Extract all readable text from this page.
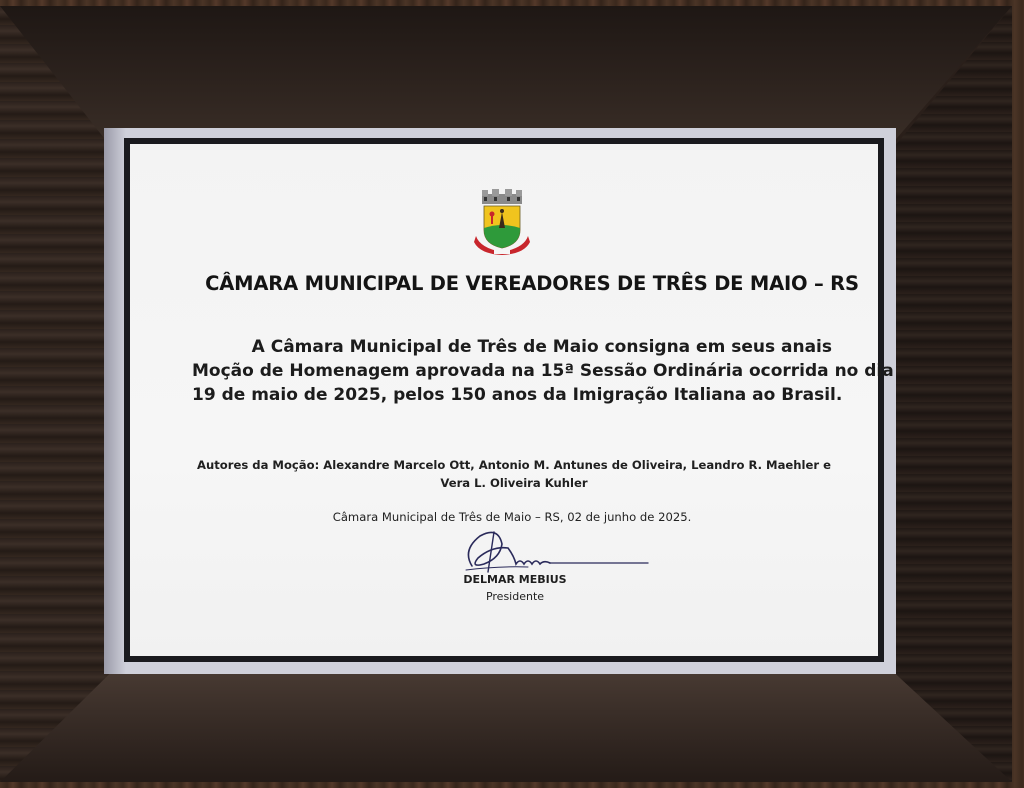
CÂMARA MUNICIPAL DE VEREADORES DE TRÊS DE MAIO – RS
A Câmara Municipal de Três de Maio consigna em seus anais
Moção de Homenagem aprovada na 15ª Sessão Ordinária ocorrida no dia
19 de maio de 2025, pelos 150 anos da Imigração Italiana ao Brasil.
Autores da Moção: Alexandre Marcelo Ott, Antonio M. Antunes de Oliveira, Leandro R. Maehler e
Vera L. Oliveira Kuhler
Câmara Municipal de Três de Maio – RS, 02 de junho de 2025.
DELMAR MEBIUS
Presidente
